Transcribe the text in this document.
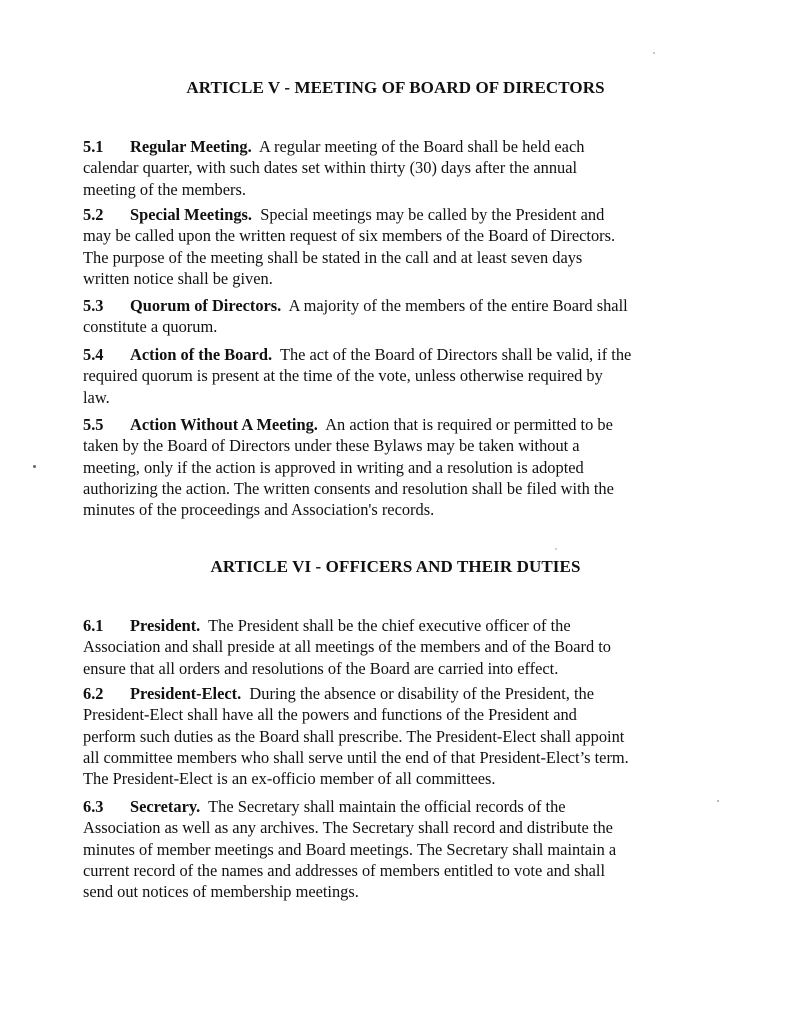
ARTICLE V - MEETING OF BOARD OF DIRECTORS
5.1 Regular Meeting. A regular meeting of the Board shall be held each
calendar quarter, with such dates set within thirty (30) days after the annual
meeting of the members.
5.2 Special Meetings. Special meetings may be called by the President and
may be called upon the written request of six members of the Board of Directors.
The purpose of the meeting shall be stated in the call and at least seven days
written notice shall be given.
5.3 Quorum of Directors. A majority of the members of the entire Board shall
constitute a quorum.
5.4 Action of the Board. The act of the Board of Directors shall be valid, if the
required quorum is present at the time of the vote, unless otherwise required by
law.
5.5 Action Without A Meeting. An action that is required or permitted to be
taken by the Board of Directors under these Bylaws may be taken without a
meeting, only if the action is approved in writing and a resolution is adopted
authorizing the action. The written consents and resolution shall be filed with the
minutes of the proceedings and Association's records.
ARTICLE VI - OFFICERS AND THEIR DUTIES
6.1 President. The President shall be the chief executive officer of the
Association and shall preside at all meetings of the members and of the Board to
ensure that all orders and resolutions of the Board are carried into effect.
6.2 President-Elect. During the absence or disability of the President, the
President-Elect shall have all the powers and functions of the President and
perform such duties as the Board shall prescribe. The President-Elect shall appoint
all committee members who shall serve until the end of that President-Elect’s term.
The President-Elect is an ex-officio member of all committees.
6.3 Secretary. The Secretary shall maintain the official records of the
Association as well as any archives. The Secretary shall record and distribute the
minutes of member meetings and Board meetings. The Secretary shall maintain a
current record of the names and addresses of members entitled to vote and shall
send out notices of membership meetings.
